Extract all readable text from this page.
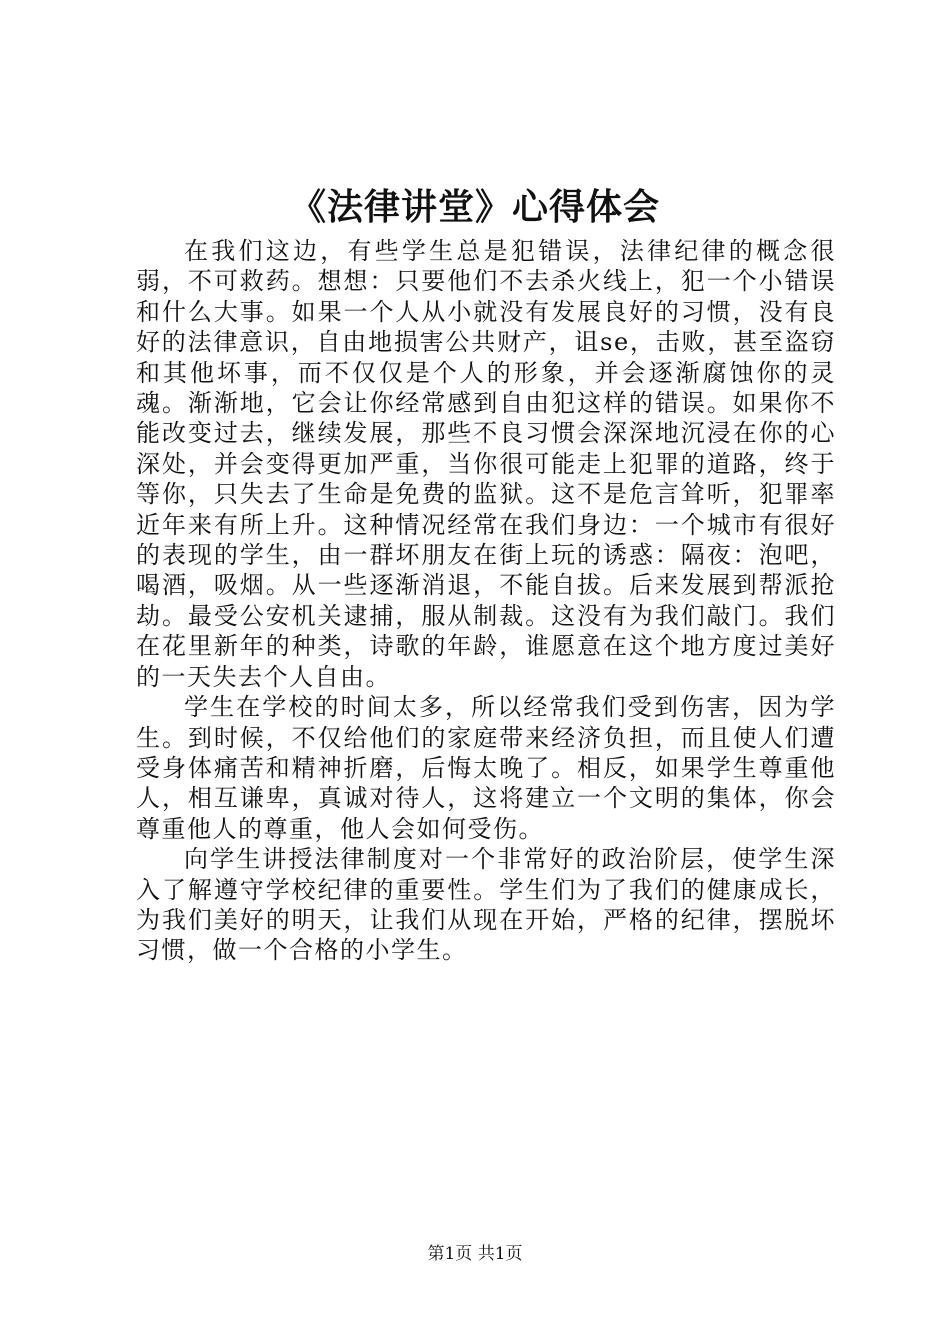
《法律讲堂》心得体会

在我们这边，有些学生总是犯错误，法律纪律的概念很弱，不可救药。想想：只要他们不去杀火线上，犯一个小错误和什么大事。如果一个人从小就没有发展良好的习惯，没有良好的法律意识，自由地损害公共财产，诅se，击败，甚至盗窃和其他坏事，而不仅仅是个人的形象，并会逐渐腐蚀你的灵魂。渐渐地，它会让你经常感到自由犯这样的错误。如果你不能改变过去，继续发展，那些不良习惯会深深地沉浸在你的心深处，并会变得更加严重，当你很可能走上犯罪的道路，终于等你，只失去了生命是免费的监狱。这不是危言耸听，犯罪率近年来有所上升。这种情况经常在我们身边：一个城市有很好的表现的学生，由一群坏朋友在街上玩的诱惑：隔夜：泡吧，喝酒，吸烟。从一些逐渐消退，不能自拔。后来发展到帮派抢劫。最受公安机关逮捕，服从制裁。这没有为我们敲门。我们在花里新年的种类，诗歌的年龄，谁愿意在这个地方度过美好的一天失去个人自由。

学生在学校的时间太多，所以经常我们受到伤害，因为学生。到时候，不仅给他们的家庭带来经济负担，而且使人们遭受身体痛苦和精神折磨，后悔太晚了。相反，如果学生尊重他人，相互谦卑，真诚对待人，这将建立一个文明的集体，你会尊重他人的尊重，他人会如何受伤。

向学生讲授法律制度对一个非常好的政治阶层，使学生深入了解遵守学校纪律的重要性。学生们为了我们的健康成长，为我们美好的明天，让我们从现在开始，严格的纪律，摆脱坏习惯，做一个合格的小学生。

第1页 共1页
